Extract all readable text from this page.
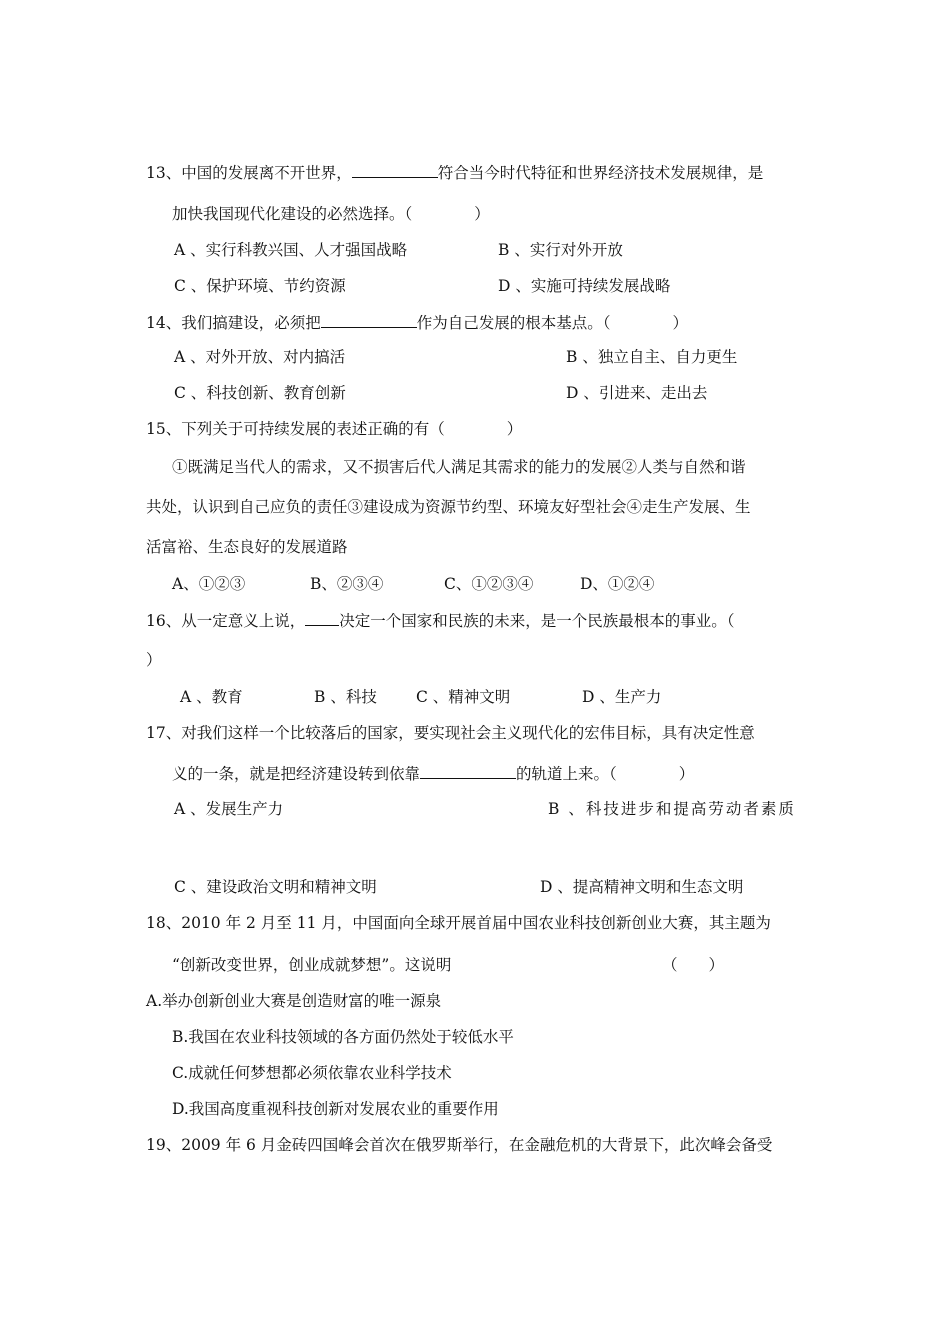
13、中国的发展离不开世界，	符合当今时代特征和世界经济技术发展规律，是

加快我国现代化建设的必然选择。（　　　　）

A 、实行科教兴国、人才强国战略	B 、实行对外开放
C 、保护环境、节约资源	D 、实施可持续发展战略

14、我们搞建设，必须把	作为自己发展的根本基点。（　　　　）

A 、对外开放、对内搞活	B 、独立自主、自力更生
C 、科技创新、教育创新	D 、引进来、走出去

15、下列关于可持续发展的表述正确的有（　　　　）

①既满足当代人的需求，又不损害后代人满足其需求的能力的发展②人类与自然和谐

共处，认识到自己应负的责任③建设成为资源节约型、环境友好型社会④走生产发展、生

活富裕、生态良好的发展道路

A、①②③	B、②③④	C、①②③④	D、①②④

16、从一定意义上说， 决定一个国家和民族的未来，是一个民族最根本的事业。（

）

A 、教育	B 、科技	C 、精神文明	D 、生产力

17、对我们这样一个比较落后的国家，要实现社会主义现代化的宏伟目标，具有决定性意

义的一条，就是把经济建设转到依靠	的轨道上来。（　　　　）

A 、发展生产力	B 、科技进步和提高劳动者素质
C 、建设政治文明和精神文明	D 、提高精神文明和生态文明

18、2010 年 2 月至 11 月，中国面向全球开展首届中国农业科技创新创业大赛，其主题为

“创新改变世界，创业成就梦想”。这说明	（　　）
A.举办创新创业大赛是创造财富的唯一源泉
B.我国在农业科技领域的各方面仍然处于较低水平
C.成就任何梦想都必须依靠农业科学技术
D.我国高度重视科技创新对发展农业的重要作用

19、2009 年 6 月金砖四国峰会首次在俄罗斯举行，在金融危机的大背景下，此次峰会备受
